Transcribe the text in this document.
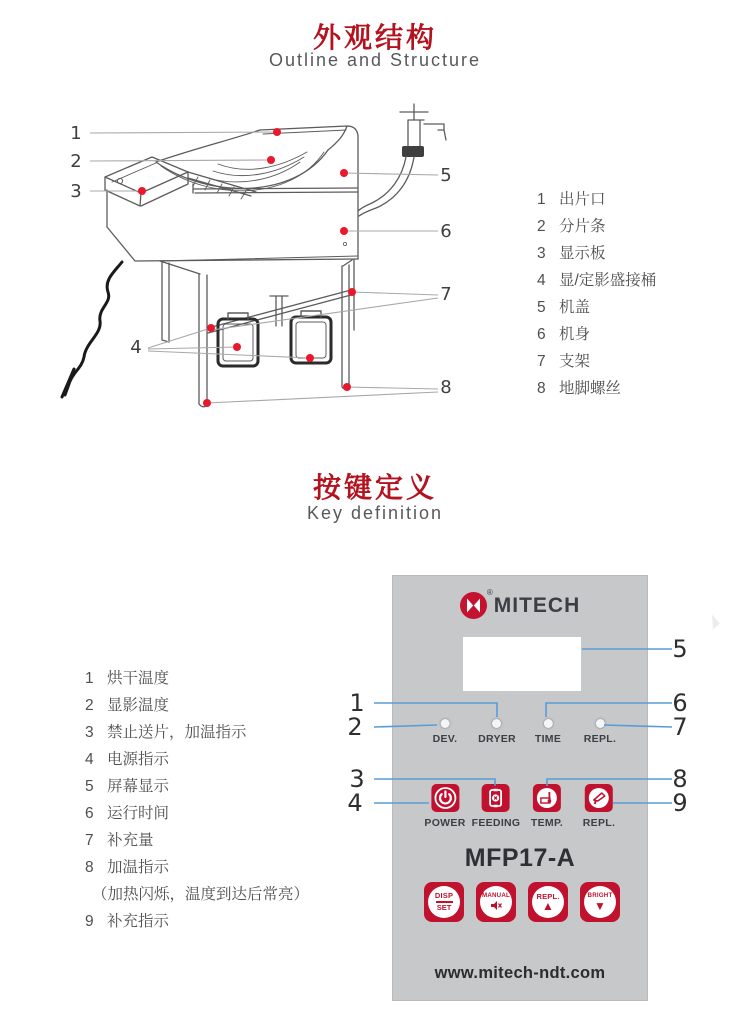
外观结构
Outline and Structure
1
2
3
4
5
6
7
8
1 出片口
2 分片条
3 显示板
4 显/定影盛接桶
5 机盖
6 机身
7 支架
8 地脚螺丝
按键定义
Key definition
1 烘干温度
2 显影温度
3 禁止送片，加温指示
4 电源指示
5 屏幕显示
6 运行时间
7 补充量
8 加温指示
（加热闪烁，温度到达后常亮）
9 补充指示
®
MITECH
DEV. DRYER TIME REPL.
POWER FEEDING TEMP. REPL.
MFP17-A
DISP
SET
MANUAL	REPL.
▲
BRIGHT
▼
www.mitech-ndt.com
5
1
2
6
7
3
4
8
9
